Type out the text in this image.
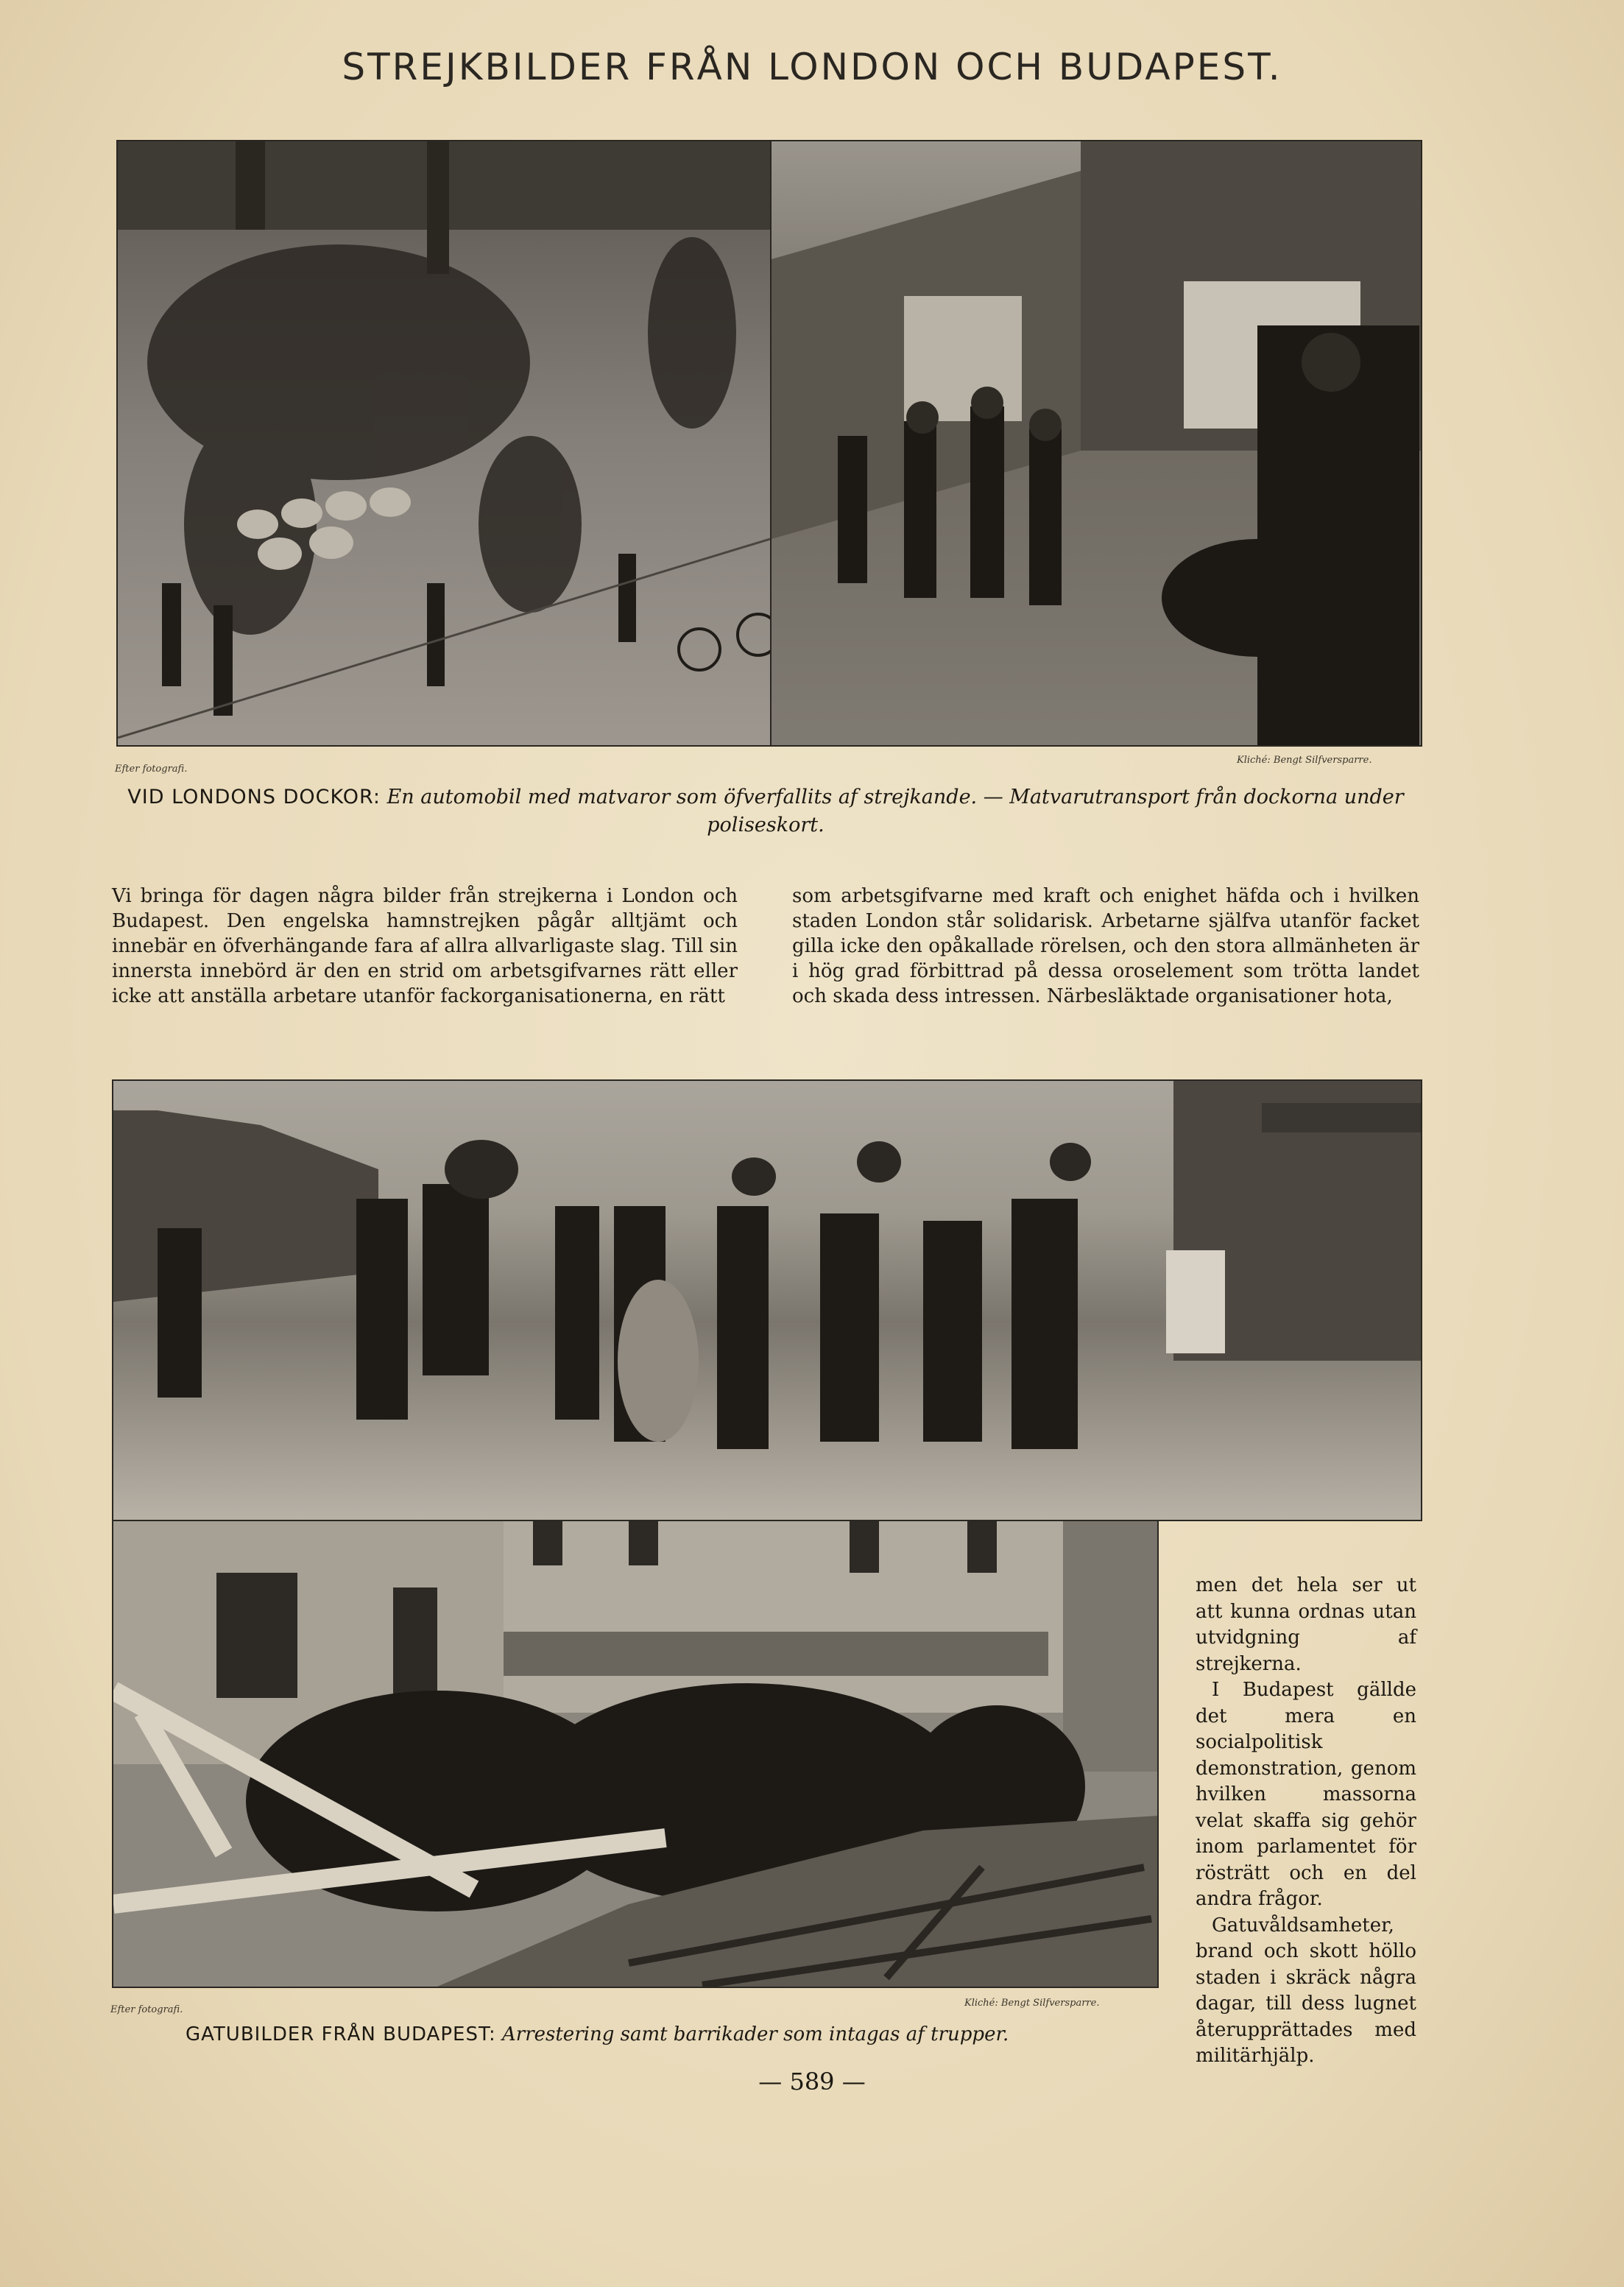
STREJKBILDER FRÅN LONDON OCH BUDAPEST.
Efter fotografi.
Kliché: Bengt Silfversparre.
VID LONDONS DOCKOR: En automobil med matvaror som öfverfallits af strejkande. — Matvarutransport från dockorna under poliseskort.

Vi bringa för dagen några bilder från strejkerna i London och Budapest. Den engelska hamnstrejken pågår alltjämt och innebär en öfverhängande fara af allra allvarligaste slag. Till sin innersta innebörd är den en strid om arbetsgifvarnes rätt eller icke att anställa arbetare utanför fackorganisationerna, en rätt

som arbetsgifvarne med kraft och enighet häfda och i hvilken staden London står solidarisk. Arbetarne själfva utanför facket gilla icke den opåkallade rörelsen, och den stora allmänheten är i hög grad förbittrad på dessa oroselement som trötta landet och skada dess intressen. Närbesläktade organisationer hota,

men det hela ser ut att kunna ordnas utan utvidgning af strejkerna.

I Budapest gällde det mera en socialpolitisk demonstration, genom hvilken massorna velat skaffa sig gehör inom parlamentet för rösträtt och en del andra frågor.

Gatuvåldsamheter, brand och skott höllo staden i skräck några dagar, till dess lugnet återupprättades med militärhjälp.

Efter fotografi.
Kliché: Bengt Silfversparre.
GATUBILDER FRÅN BUDAPEST: Arrestering samt barrikader som intagas af trupper.
— 589 —
